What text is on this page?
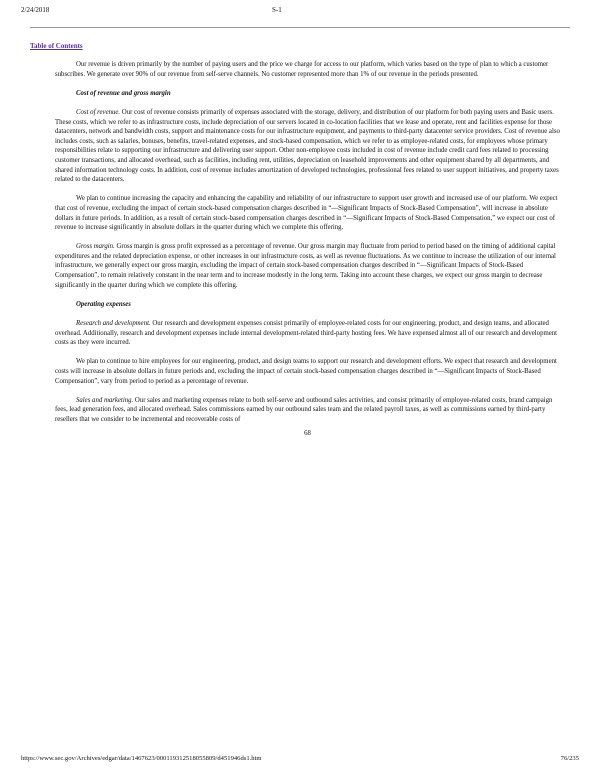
2/24/2018	S-1
Table of Contents

Our revenue is driven primarily by the number of paying users and the price we charge for access to our platform, which varies based on the type of plan to which a customer subscribes. We generate over 90% of our revenue from self-serve channels. No customer represented more than 1% of our revenue in the periods presented.

Cost of revenue and gross margin

Cost of revenue. Our cost of revenue consists primarily of expenses associated with the storage, delivery, and distribution of our platform for both paying users and Basic users. These costs, which we refer to as infrastructure costs, include depreciation of our servers located in co-location facilities that we lease and operate, rent and facilities expense for those datacenters, network and bandwidth costs, support and maintenance costs for our infrastructure equipment, and payments to third-party datacenter service providers. Cost of revenue also includes costs, such as salaries, bonuses, benefits, travel-related expenses, and stock-based compensation, which we refer to as employee-related costs, for employees whose primary responsibilities relate to supporting our infrastructure and delivering user support. Other non-employee costs included in cost of revenue include credit card fees related to processing customer transactions, and allocated overhead, such as facilities, including rent, utilities, depreciation on leasehold improvements and other equipment shared by all departments, and shared information technology costs. In addition, cost of revenue includes amortization of developed technologies, professional fees related to user support initiatives, and property taxes related to the datacenters.

We plan to continue increasing the capacity and enhancing the capability and reliability of our infrastructure to support user growth and increased use of our platform. We expect that cost of revenue, excluding the impact of certain stock-based compensation charges described in “—Significant Impacts of Stock-Based Compensation”, will increase in absolute dollars in future periods. In addition, as a result of certain stock-based compensation charges described in “—Significant Impacts of Stock-Based Compensation,” we expect our cost of revenue to increase significantly in absolute dollars in the quarter during which we complete this offering.

Gross margin. Gross margin is gross profit expressed as a percentage of revenue. Our gross margin may fluctuate from period to period based on the timing of additional capital expenditures and the related depreciation expense, or other increases in our infrastructure costs, as well as revenue fluctuations. As we continue to increase the utilization of our internal infrastructure, we generally expect our gross margin, excluding the impact of certain stock-based compensation charges described in “—Significant Impacts of Stock-Based Compensation”, to remain relatively constant in the near term and to increase modestly in the long term. Taking into account these charges, we expect our gross margin to decrease significantly in the quarter during which we complete this offering.

Operating expenses

Research and development. Our research and development expenses consist primarily of employee-related costs for our engineering, product, and design teams, and allocated overhead. Additionally, research and development expenses include internal development-related third-party hosting fees. We have expensed almost all of our research and development costs as they were incurred.

We plan to continue to hire employees for our engineering, product, and design teams to support our research and development efforts. We expect that research and development costs will increase in absolute dollars in future periods and, excluding the impact of certain stock-based compensation charges described in “—Significant Impacts of Stock-Based Compensation”, vary from period to period as a percentage of revenue.

Sales and marketing. Our sales and marketing expenses relate to both self-serve and outbound sales activities, and consist primarily of employee-related costs, brand campaign fees, lead generation fees, and allocated overhead. Sales commissions earned by our outbound sales team and the related payroll taxes, as well as commissions earned by third-party resellers that we consider to be incremental and recoverable costs of

68
https://www.sec.gov/Archives/edgar/data/1467623/000119312518055809/d451946ds1.htm	76/235
